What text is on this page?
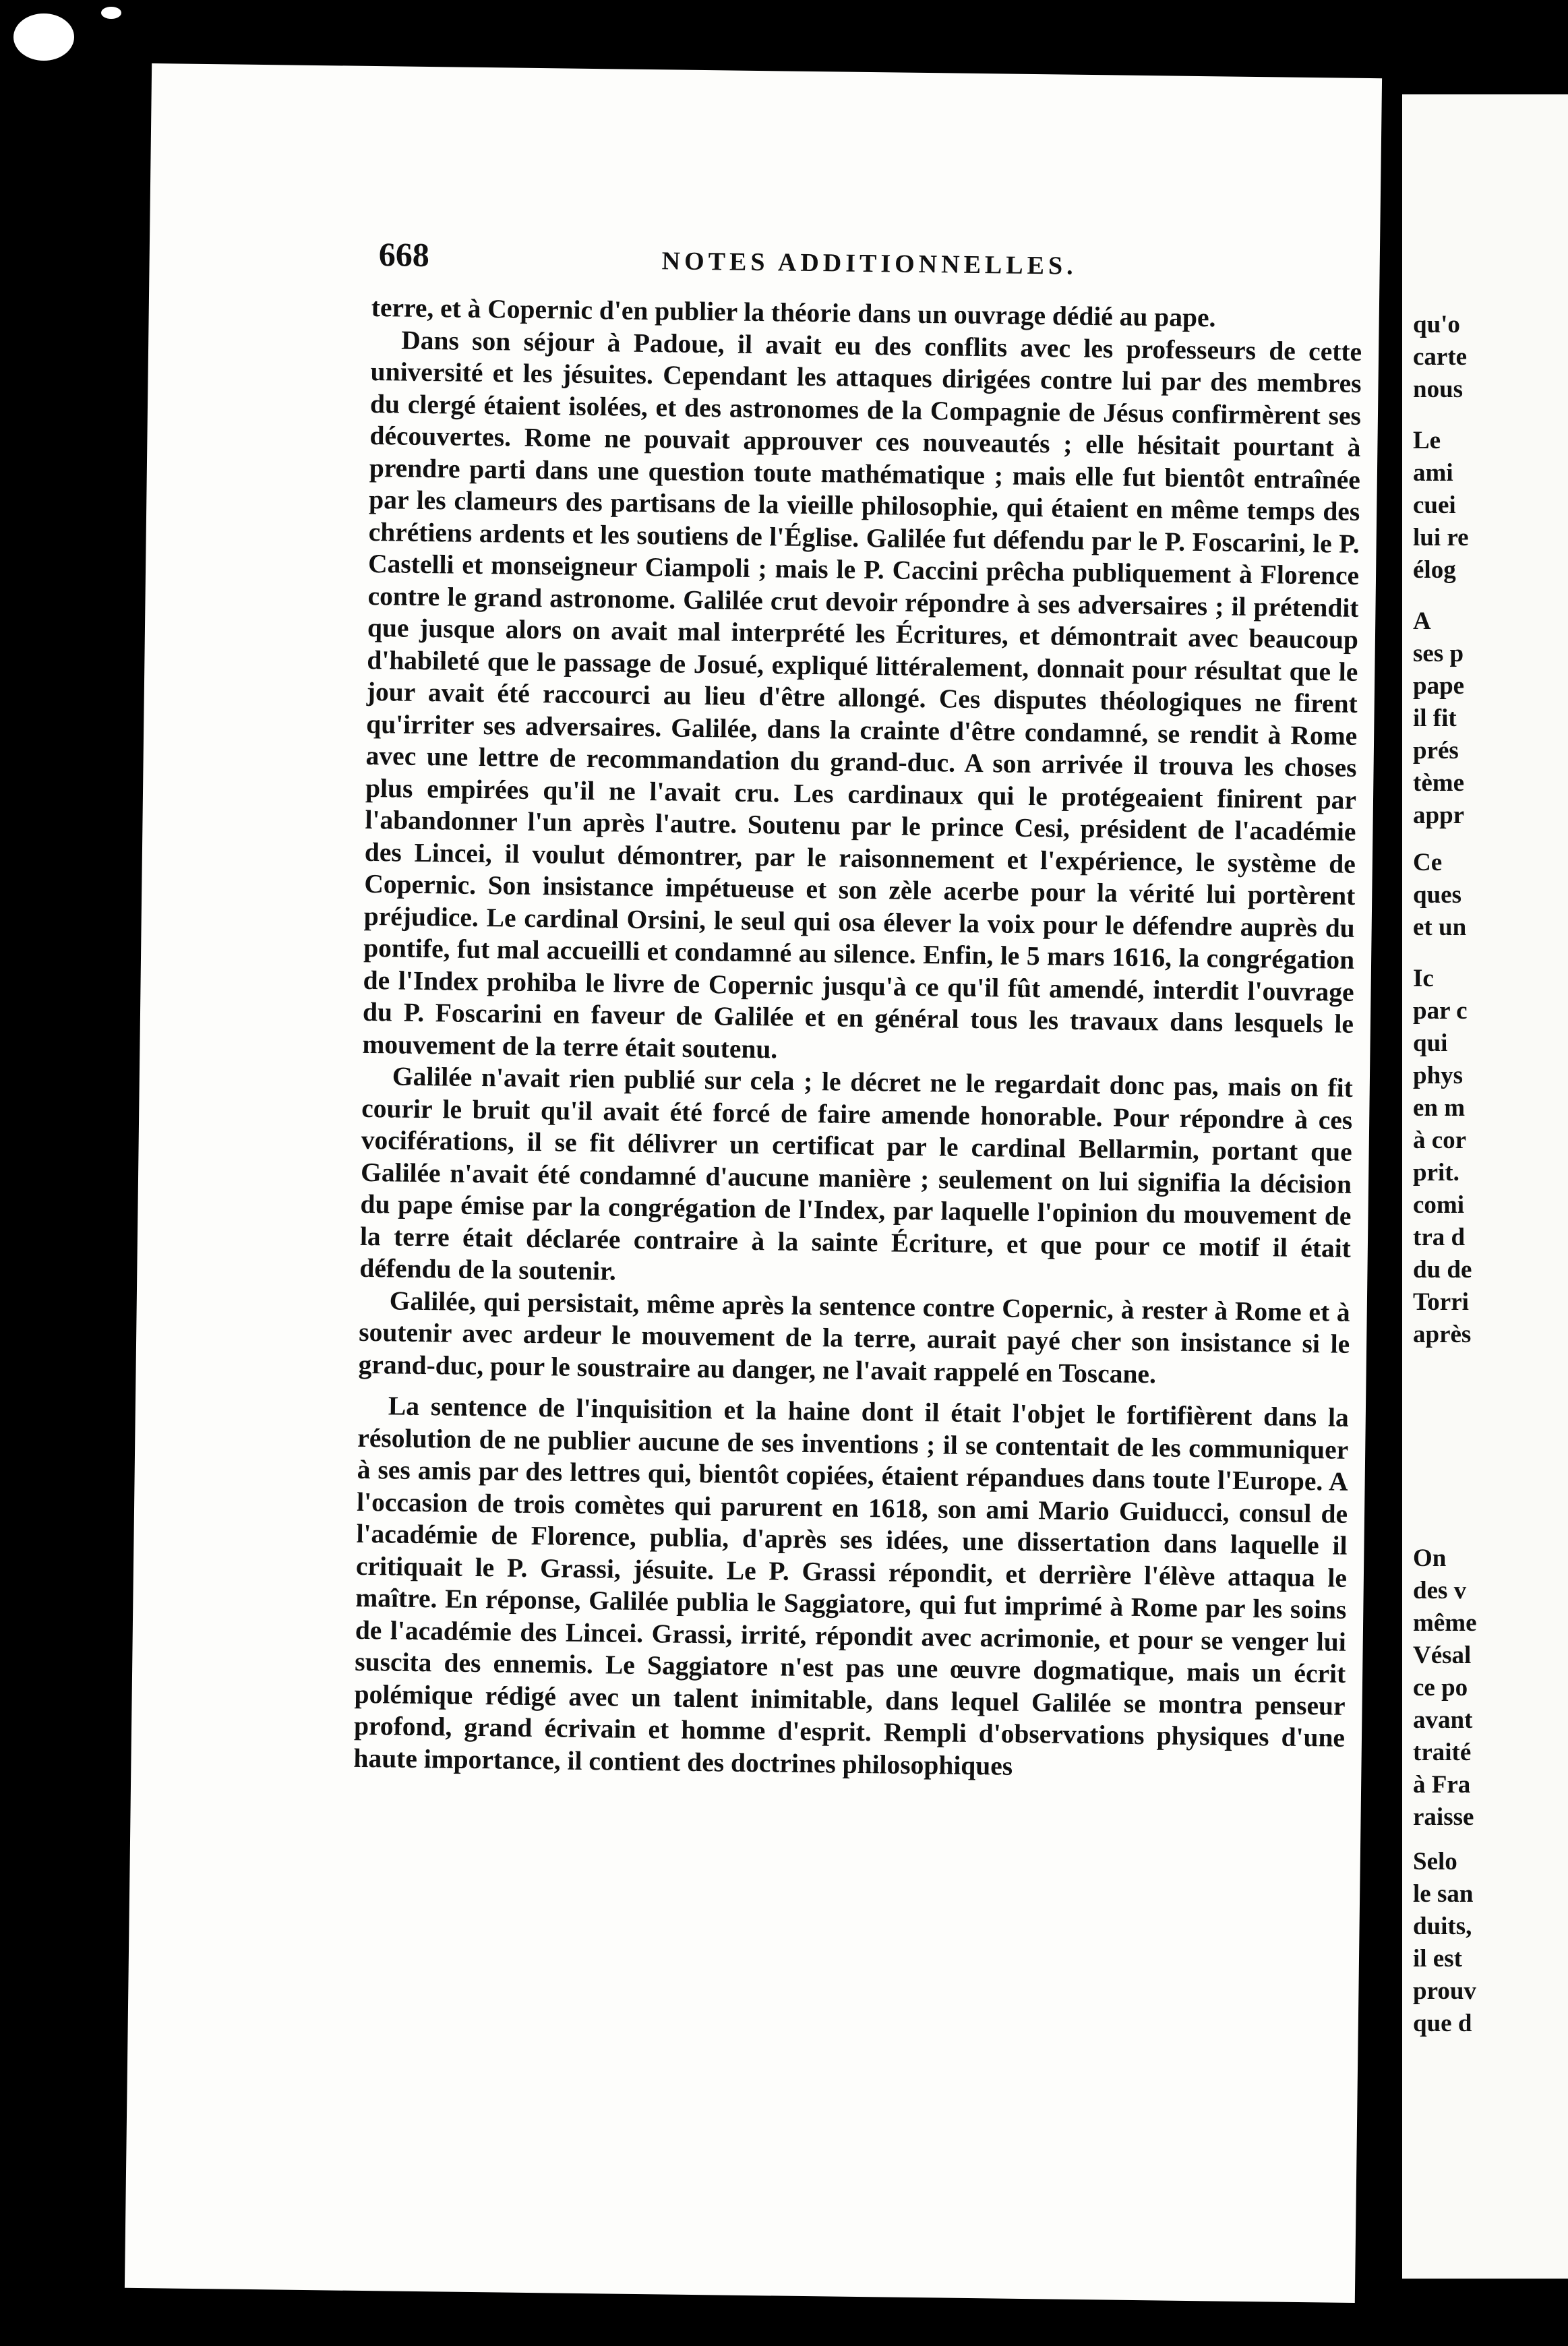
668	NOTES ADDITIONNELLES.

terre, et à Copernic d'en publier la théorie dans un ouvrage dédié au pape.

Dans son séjour à Padoue, il avait eu des conflits avec les professeurs de cette université et les jésuites. Cependant les attaques dirigées contre lui par des membres du clergé étaient isolées, et des astronomes de la Compagnie de Jésus confirmèrent ses découvertes. Rome ne pouvait approuver ces nouveautés ; elle hésitait pourtant à prendre parti dans une question toute mathématique ; mais elle fut bientôt entraînée par les clameurs des partisans de la vieille philosophie, qui étaient en même temps des chrétiens ardents et les soutiens de l'Église. Galilée fut défendu par le P. Foscarini, le P. Castelli et monseigneur Ciampoli ; mais le P. Caccini prêcha publiquement à Florence contre le grand astronome. Galilée crut devoir répondre à ses adversaires ; il prétendit que jusque alors on avait mal interprété les Écritures, et démontrait avec beaucoup d'habileté que le passage de Josué, expliqué littéralement, donnait pour résultat que le jour avait été raccourci au lieu d'être allongé. Ces disputes théologiques ne firent qu'irriter ses adversaires. Galilée, dans la crainte d'être condamné, se rendit à Rome avec une lettre de recommandation du grand-duc. A son arrivée il trouva les choses plus empirées qu'il ne l'avait cru. Les cardinaux qui le protégeaient finirent par l'abandonner l'un après l'autre. Soutenu par le prince Cesi, président de l'académie des Lincei, il voulut démontrer, par le raisonnement et l'expérience, le système de Copernic. Son insistance impétueuse et son zèle acerbe pour la vérité lui portèrent préjudice. Le cardinal Orsini, le seul qui osa élever la voix pour le défendre auprès du pontife, fut mal accueilli et condamné au silence. Enfin, le 5 mars 1616, la congrégation de l'Index prohiba le livre de Copernic jusqu'à ce qu'il fût amendé, interdit l'ouvrage du P. Foscarini en faveur de Galilée et en général tous les travaux dans lesquels le mouvement de la terre était soutenu.

Galilée n'avait rien publié sur cela ; le décret ne le regardait donc pas, mais on fit courir le bruit qu'il avait été forcé de faire amende honorable. Pour répondre à ces vociférations, il se fit délivrer un certificat par le cardinal Bellarmin, portant que Galilée n'avait été condamné d'aucune manière ; seulement on lui signifia la décision du pape émise par la congrégation de l'Index, par laquelle l'opinion du mouvement de la terre était déclarée contraire à la sainte Écriture, et que pour ce motif il était défendu de la soutenir.

Galilée, qui persistait, même après la sentence contre Copernic, à rester à Rome et à soutenir avec ardeur le mouvement de la terre, aurait payé cher son insistance si le grand-duc, pour le soustraire au danger, ne l'avait rappelé en Toscane.

La sentence de l'inquisition et la haine dont il était l'objet le fortifièrent dans la résolution de ne publier aucune de ses inventions ; il se contentait de les communiquer à ses amis par des lettres qui, bientôt copiées, étaient répandues dans toute l'Europe. A l'occasion de trois comètes qui parurent en 1618, son ami Mario Guiducci, consul de l'académie de Florence, publia, d'après ses idées, une dissertation dans laquelle il critiquait le P. Grassi, jésuite. Le P. Grassi répondit, et derrière l'élève attaqua le maître. En réponse, Galilée publia le Saggiatore, qui fut imprimé à Rome par les soins de l'académie des Lincei. Grassi, irrité, répondit avec acrimonie, et pour se venger lui suscita des ennemis. Le Saggiatore n'est pas une œuvre dogmatique, mais un écrit polémique rédigé avec un talent inimitable, dans lequel Galilée se montra penseur profond, grand écrivain et homme d'esprit. Rempli d'observations physiques d'une haute importance, il contient des doctrines philosophiques

qu'o
carte
nous
Le
ami
cuei
lui re
élog
A
ses p
pape
il fit
prés
tème
appr
Ce
ques
et un
Ic
par c
qui
phys
en m
à cor
prit.
comi
tra d
du de
Torri
après
On
des v
même
Vésal
ce po
avant
traité
à Fra
raisse
Selo
le san
duits,
il est
prouv
que d
